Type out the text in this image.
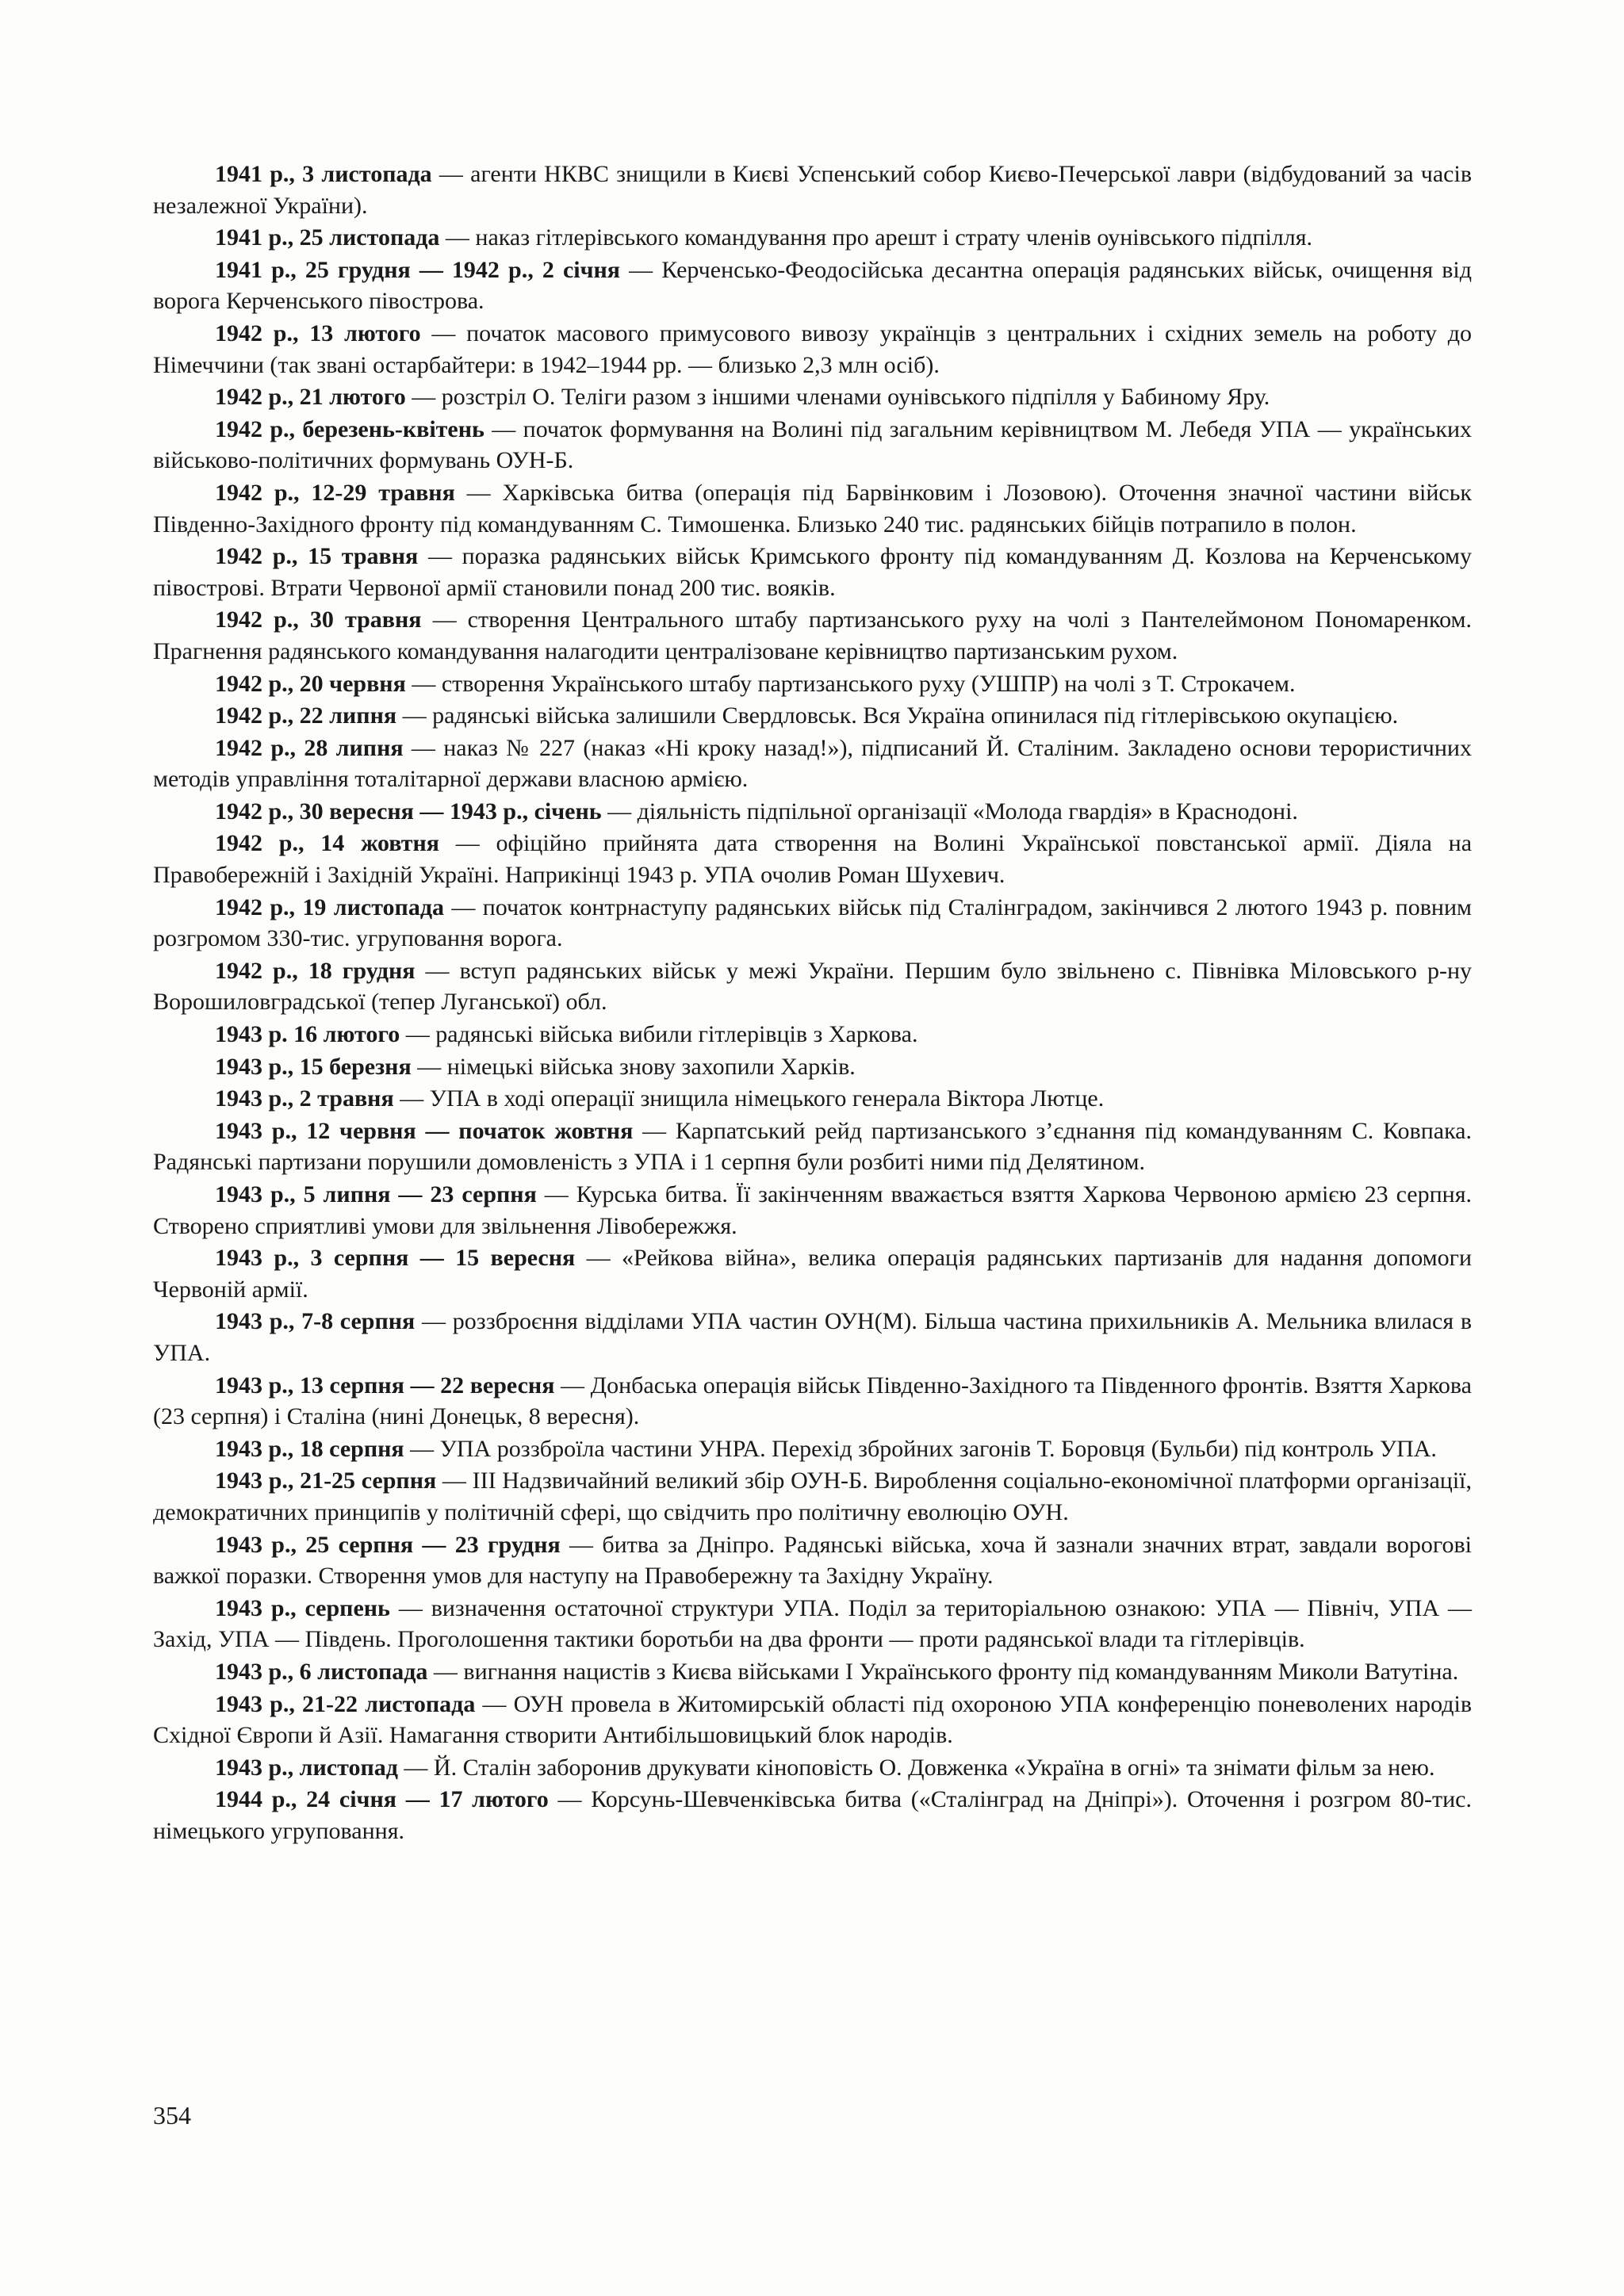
1941 р., 3 листопада — агенти НКВС знищили в Києві Успенський собор Києво-Печерської лаври (відбудований за часів незалежної України).

1941 р., 25 листопада — наказ гітлерівського командування про арешт і страту членів оунівського підпілля.

1941 р., 25 грудня — 1942 р., 2 січня — Керченсько-Феодосійська десантна операція радянських військ, очищення від ворога Керченського півострова.

1942 р., 13 лютого — початок масового примусового вивозу українців з центральних і східних земель на роботу до Німеччини (так звані остарбайтери: в 1942–1944 рр. — близько 2,3 млн осіб).

1942 р., 21 лютого — розстріл О. Теліги разом з іншими членами оунівського підпілля у Бабиному Яру.

1942 р., березень-квітень — початок формування на Волині під загальним керівництвом М. Лебедя УПА — українських військово-політичних формувань ОУН-Б.

1942 р., 12-29 травня — Харківська битва (операція під Барвінковим і Лозовою). Оточення значної частини військ Південно-Західного фронту під командуванням С. Тимошенка. Близько 240 тис. радянських бійців потрапило в полон.

1942 р., 15 травня — поразка радянських військ Кримського фронту під командуванням Д. Козлова на Керченському півострові. Втрати Червоної армії становили понад 200 тис. вояків.

1942 р., 30 травня — створення Центрального штабу партизанського руху на чолі з Пантелеймоном Пономаренком. Прагнення радянського командування налагодити централізоване керівництво партизанським рухом.

1942 р., 20 червня — створення Українського штабу партизанського руху (УШПР) на чолі з Т. Строкачем.

1942 р., 22 липня — радянські війська залишили Свердловськ. Вся Україна опинилася під гітлерівською окупацією.

1942 р., 28 липня — наказ № 227 (наказ «Ні кроку назад!»), підписаний Й. Сталіним. Закладено основи терористичних методів управління тоталітарної держави власною армією.

1942 р., 30 вересня — 1943 р., січень — діяльність підпільної організації «Молода гвардія» в Краснодоні.

1942 р., 14 жовтня — офіційно прийнята дата створення на Волині Української повстанської армії. Діяла на Правобережній і Західній Україні. Наприкінці 1943 р. УПА очолив Роман Шухевич.

1942 р., 19 листопада — початок контрнаступу радянських військ під Сталінградом, закінчився 2 лютого 1943 р. повним розгромом 330-тис. угруповання ворога.

1942 р., 18 грудня — вступ радянських військ у межі України. Першим було звільнено с. Півнівка Міловського р-ну Ворошиловградської (тепер Луганської) обл.

1943 р. 16 лютого — радянські війська вибили гітлерівців з Харкова.

1943 р., 15 березня — німецькі війська знову захопили Харків.

1943 р., 2 травня — УПА в ході операції знищила німецького генерала Віктора Лютце.

1943 р., 12 червня — початок жовтня — Карпатський рейд партизанського з’єднання під командуванням С. Ковпака. Радянські партизани порушили домовленість з УПА і 1 серпня були розбиті ними під Делятином.

1943 р., 5 липня — 23 серпня — Курська битва. Її закінченням вважається взяття Харкова Червоною армією 23 серпня. Створено сприятливі умови для звільнення Лівобережжя.

1943 р., 3 серпня — 15 вересня — «Рейкова війна», велика операція радянських партизанів для надання допомоги Червоній армії.

1943 р., 7-8 серпня — роззброєння відділами УПА частин ОУН(М). Більша частина прихильників А. Мельника влилася в УПА.

1943 р., 13 серпня — 22 вересня — Донбаська операція військ Південно-Західного та Південного фронтів. Взяття Харкова (23 серпня) і Сталіна (нині Донецьк, 8 вересня).

1943 р., 18 серпня — УПА роззброїла частини УНРА. Перехід збройних загонів Т. Боровця (Бульби) під контроль УПА.

1943 р., 21-25 серпня — III Надзвичайний великий збір ОУН-Б. Вироблення соціально-економічної платформи організації, демократичних принципів у політичній сфері, що свідчить про політичну еволюцію ОУН.

1943 р., 25 серпня — 23 грудня — битва за Дніпро. Радянські війська, хоча й зазнали значних втрат, завдали ворогові важкої поразки. Створення умов для наступу на Правобережну та Західну Україну.

1943 р., серпень — визначення остаточної структури УПА. Поділ за територіальною ознакою: УПА — Північ, УПА — Захід, УПА — Південь. Проголошення тактики боротьби на два фронти — проти радянської влади та гітлерівців.

1943 р., 6 листопада — вигнання нацистів з Києва військами І Українського фронту під командуванням Миколи Ватутіна.

1943 р., 21-22 листопада — ОУН провела в Житомирській області під охороною УПА конференцію поневолених народів Східної Європи й Азії. Намагання створити Антибільшовицький блок народів.

1943 р., листопад — Й. Сталін заборонив друкувати кіноповість О. Довженка «Україна в огні» та знімати фільм за нею.

1944 р., 24 січня — 17 лютого — Корсунь-Шевченківська битва («Сталінград на Дніпрі»). Оточення і розгром 80-тис. німецького угруповання.

354
